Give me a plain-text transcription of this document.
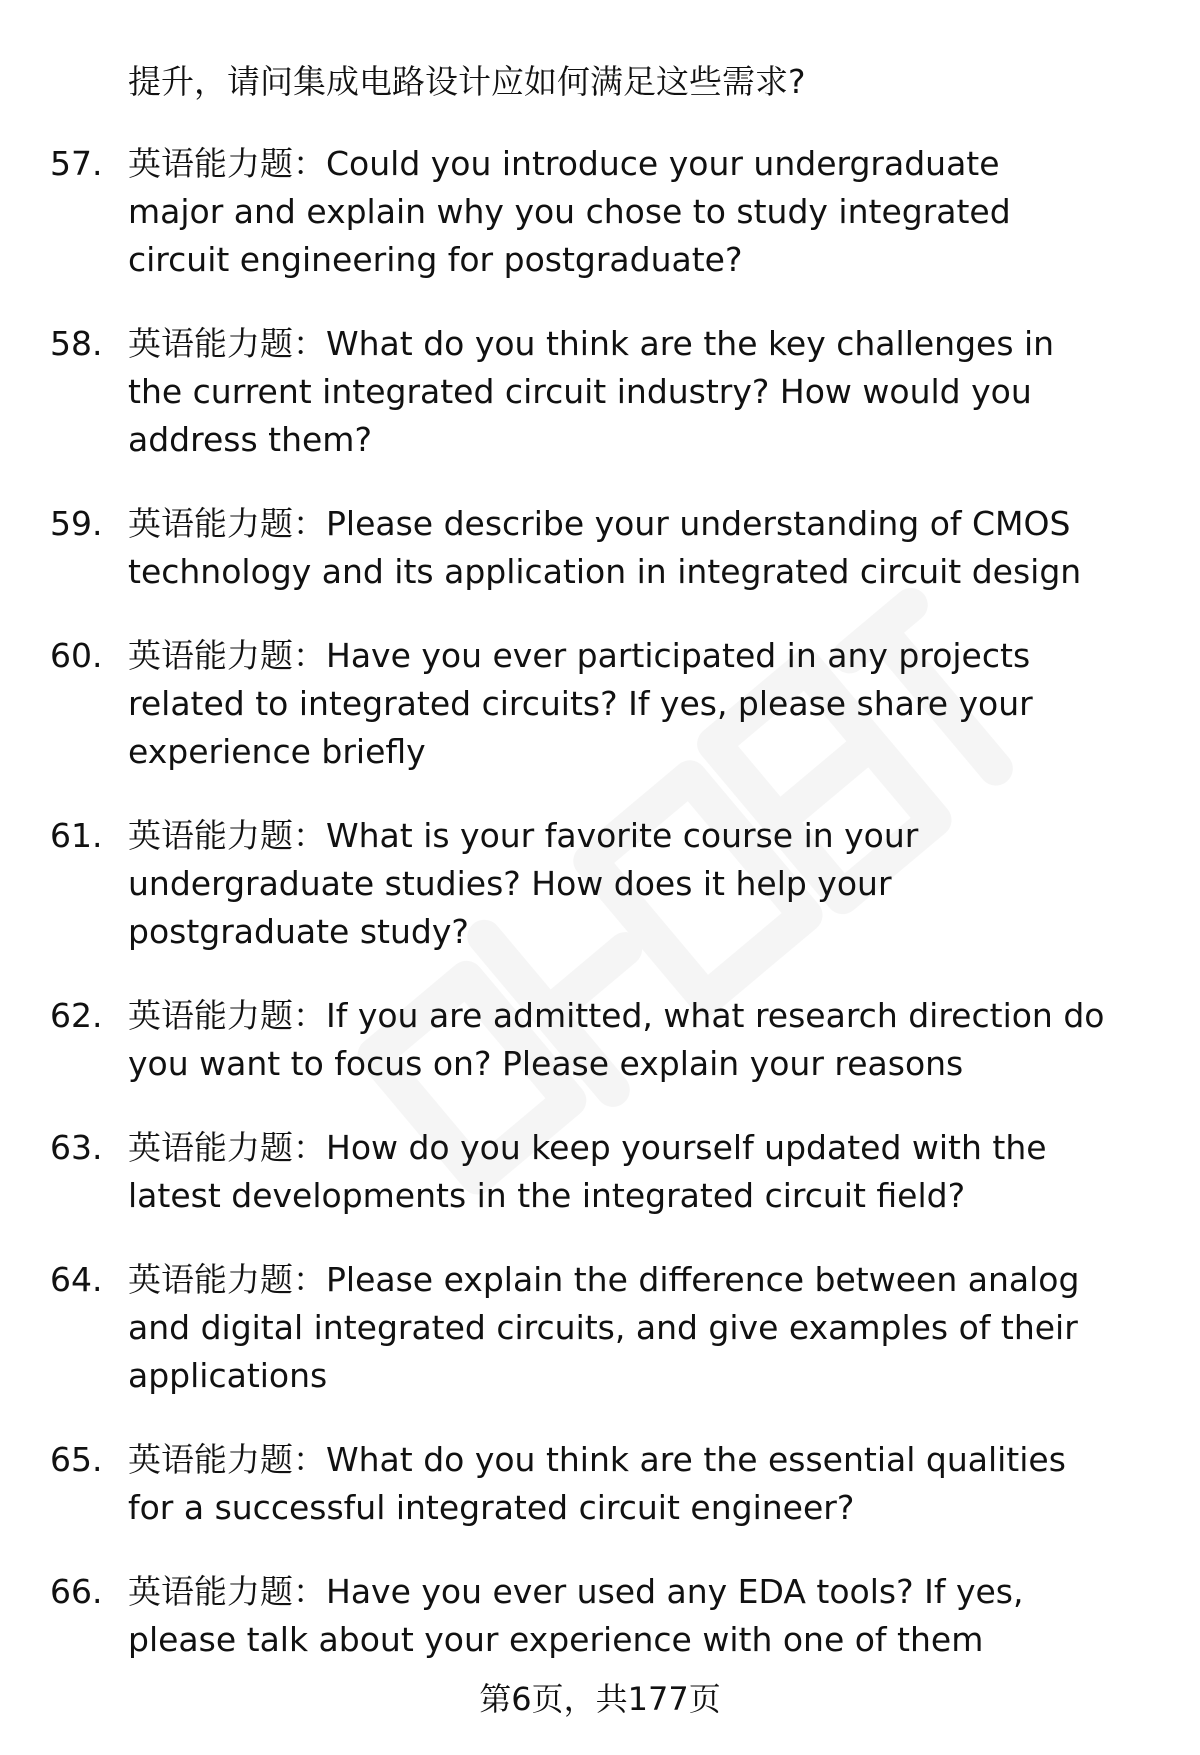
提升，请问集成电路设计应如何满足这些需求?
57. 英语能力题：Could you introduce your undergraduate
major and explain why you chose to study integrated
circuit engineering for postgraduate?
58. 英语能力题：What do you think are the key challenges in
the current integrated circuit industry? How would you
address them?
59. 英语能力题：Please describe your understanding of CMOS
technology and its application in integrated circuit design
60. 英语能力题：Have you ever participated in any projects
related to integrated circuits? If yes, please share your
experience briefly
61. 英语能力题：What is your favorite course in your
undergraduate studies? How does it help your
postgraduate study?
62. 英语能力题：If you are admitted, what research direction do
you want to focus on? Please explain your reasons
63. 英语能力题：How do you keep yourself updated with the
latest developments in the integrated circuit field?
64. 英语能力题：Please explain the difference between analog
and digital integrated circuits, and give examples of their
applications
65. 英语能力题：What do you think are the essential qualities
for a successful integrated circuit engineer?
66. 英语能力题：Have you ever used any EDA tools? If yes,
please talk about your experience with one of them
第6页，共177页
